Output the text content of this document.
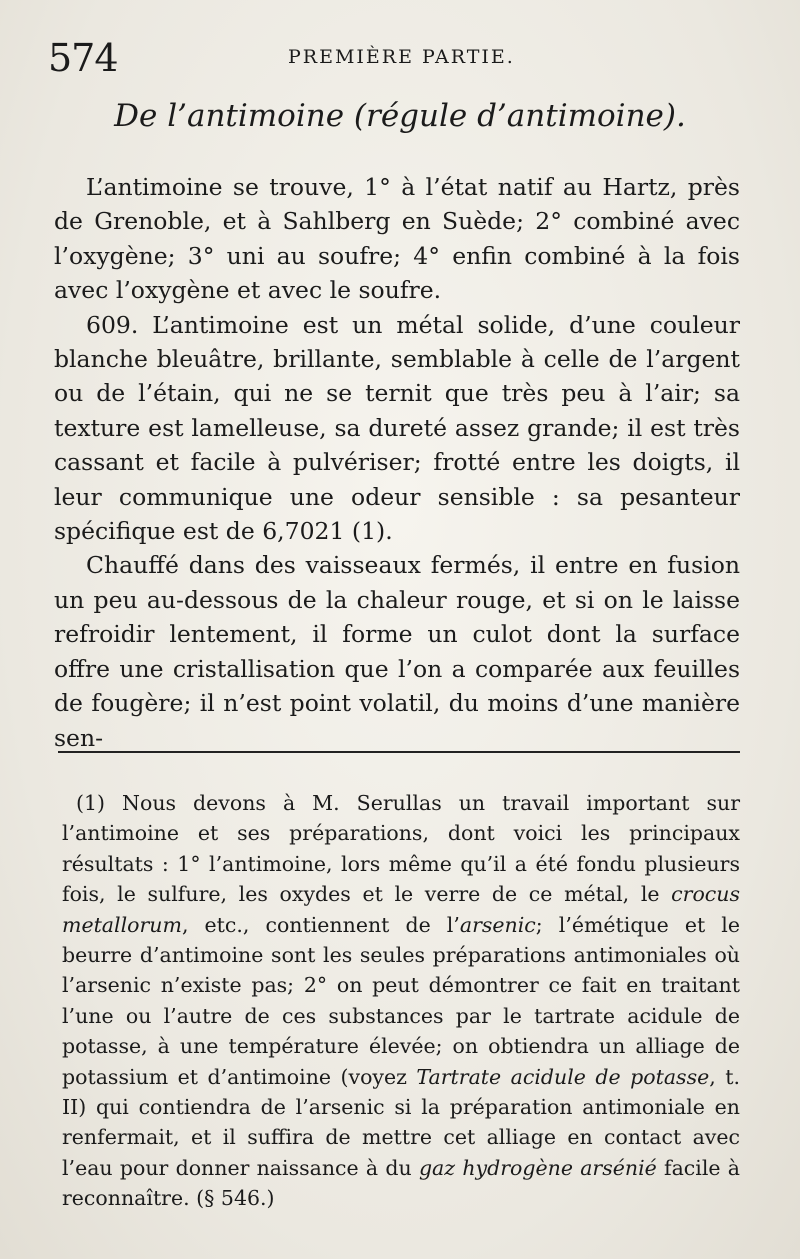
574	PREMIÈRE PARTIE.
De l’antimoine (régule d’antimoine).

L’antimoine se trouve, 1° à l’état natif au Hartz, près de Grenoble, et à Sahlberg en Suède; 2° combiné avec l’oxygène; 3° uni au soufre; 4° enfin combiné à la fois avec l’oxygène et avec le soufre.

609. L’antimoine est un métal solide, d’une couleur blanche bleuâtre, brillante, semblable à celle de l’argent ou de l’étain, qui ne se ternit que très peu à l’air; sa texture est lamelleuse, sa dureté assez grande; il est très cassant et facile à pulvériser; frotté entre les doigts, il leur communique une odeur sensible : sa pesanteur spécifique est de 6,7021 (1).

Chauffé dans des vaisseaux fermés, il entre en fusion un peu au-dessous de la chaleur rouge, et si on le laisse refroidir lentement, il forme un culot dont la surface offre une cristallisation que l’on a comparée aux feuilles de fougère; il n’est point volatil, du moins d’une manière sen-

(1) Nous devons à M. Serullas un travail important sur l’antimoine et ses préparations, dont voici les principaux résultats : 1° l’antimoine, lors même qu’il a été fondu plusieurs fois, le sulfure, les oxydes et le verre de ce métal, le crocus metallorum, etc., contiennent de l’arsenic; l’émétique et le beurre d’antimoine sont les seules préparations antimoniales où l’arsenic n’existe pas; 2° on peut démontrer ce fait en traitant l’une ou l’autre de ces substances par le tartrate acidule de potasse, à une température élevée; on obtiendra un alliage de potassium et d’antimoine (voyez Tartrate acidule de potasse, t. II) qui contiendra de l’arsenic si la préparation antimoniale en renfermait, et il suffira de mettre cet alliage en contact avec l’eau pour donner naissance à du gaz hydrogène arsénié facile à reconnaître. (§ 546.)
